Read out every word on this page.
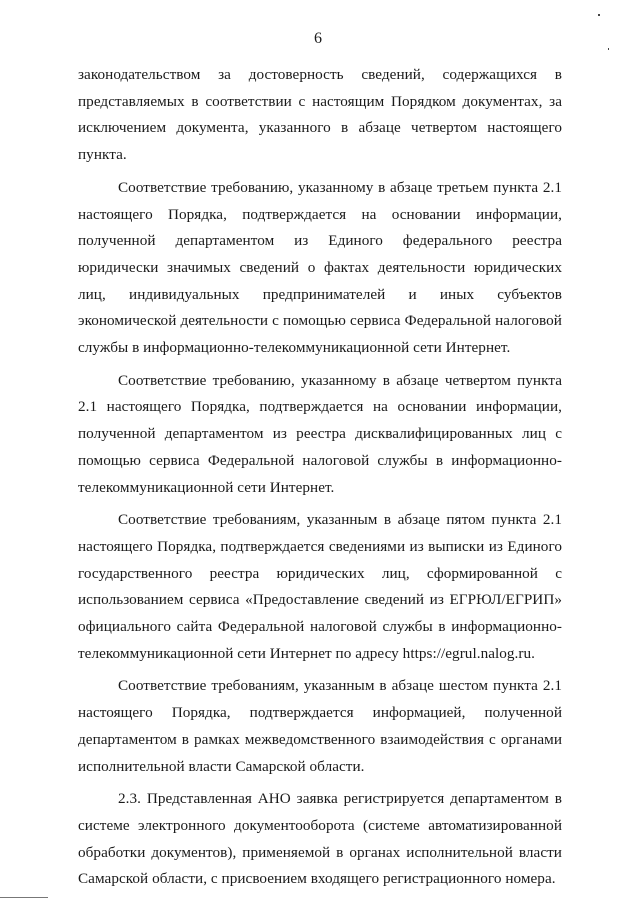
6

законодательством за достоверность сведений, содержащихся в представляемых в соответствии с настоящим Порядком документах, за исключением документа, указанного в абзаце четвертом настоящего пункта.

Соответствие требованию, указанному в абзаце третьем пункта 2.1 настоящего Порядка, подтверждается на основании информации, полученной департаментом из Единого федерального реестра юридически значимых сведений о фактах деятельности юридических лиц, индивидуальных предпринимателей и иных субъектов экономической деятельности с помощью сервиса Федеральной налоговой службы в информационно-телекоммуникационной сети Интернет.

Соответствие требованию, указанному в абзаце четвертом пункта 2.1 настоящего Порядка, подтверждается на основании информации, полученной департаментом из реестра дисквалифицированных лиц с помощью сервиса Федеральной налоговой службы в информационно-телекоммуникационной сети Интернет.

Соответствие требованиям, указанным в абзаце пятом пункта 2.1 настоящего Порядка, подтверждается сведениями из выписки из Единого государственного реестра юридических лиц, сформированной с использованием сервиса «Предоставление сведений из ЕГРЮЛ/ЕГРИП» официального сайта Федеральной налоговой службы в информационно-телекоммуникационной сети Интернет по адресу https://egrul.nalog.ru.

Соответствие требованиям, указанным в абзаце шестом пункта 2.1 настоящего Порядка, подтверждается информацией, полученной департаментом в рамках межведомственного взаимодействия с органами исполнительной власти Самарской области.

2.3. Представленная АНО заявка регистрируется департаментом в системе электронного документооборота (системе автоматизированной обработки документов), применяемой в органах исполнительной власти Самарской области, с присвоением входящего регистрационного номера.
